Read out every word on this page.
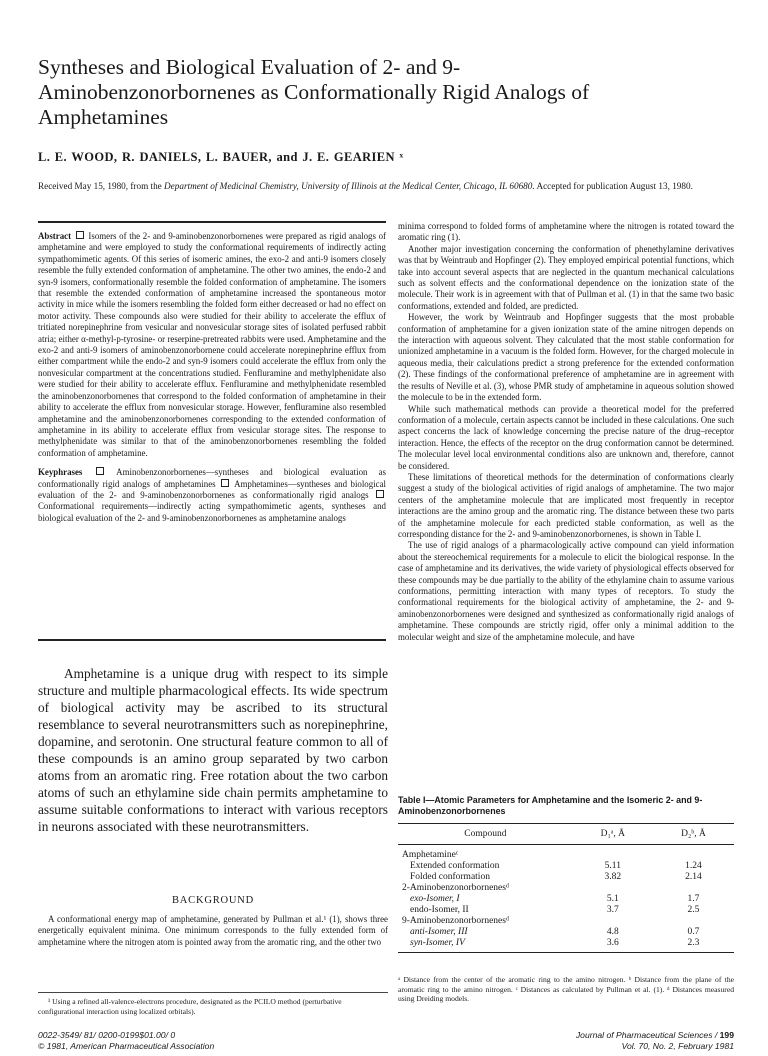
Syntheses and Biological Evaluation of 2- and 9-Aminobenzonorbornenes as Conformationally Rigid Analogs of Amphetamines
L. E. WOOD, R. DANIELS, L. BAUER, and J. E. GEARIEN ˣ
Received May 15, 1980, from the Department of Medicinal Chemistry, University of Illinois at the Medical Center, Chicago, IL 60680. Accepted for publication August 13, 1980.

Abstract Isomers of the 2- and 9-aminobenzonorbornenes were prepared as rigid analogs of amphetamine and were employed to study the conformational requirements of indirectly acting sympathomimetic agents. Of this series of isomeric amines, the exo-2 and anti-9 isomers closely resemble the fully extended conformation of amphetamine. The other two amines, the endo-2 and syn-9 isomers, conformationally resemble the folded conformation of amphetamine. The isomers that resemble the extended conformation of amphetamine increased the spontaneous motor activity in mice while the isomers resembling the folded form either decreased or had no effect on motor activity. These compounds also were studied for their ability to accelerate the efflux of tritiated norepinephrine from vesicular and nonvesicular storage sites of isolated perfused rabbit atria; either α-methyl-p-tyrosine- or reserpine-pretreated rabbits were used. Amphetamine and the exo-2 and anti-9 isomers of aminobenzonorbornene could accelerate norepinephrine efflux from either compartment while the endo-2 and syn-9 isomers could accelerate the efflux from only the nonvesicular compartment at the concentrations studied. Fenfluramine and methylphenidate also were studied for their ability to accelerate efflux. Fenfluramine and methylphenidate resembled the aminobenzonorbornenes that correspond to the folded conformation of amphetamine in their ability to accelerate the efflux from nonvesicular storage. However, fenfluramine also resembled amphetamine and the aminobenzonorbornenes corresponding to the extended conformation of amphetamine in its ability to accelerate efflux from vesicular storage sites. The response to methylphenidate was similar to that of the aminobenzonorbornenes resembling the folded conformation of amphetamine.

Keyphrases	Aminobenzonorbornenes—syntheses and biological evaluation as conformationally rigid analogs of amphetamines Amphetamines—syntheses and biological evaluation of the 2- and 9-aminobenzonorbornenes as conformationally rigid analogs  Conformational requirements—indirectly acting sympathomimetic agents, syntheses and biological evaluation of the 2- and 9-aminobenzonorbornenes as amphetamine analogs

Amphetamine is a unique drug with respect to its simple structure and multiple pharmacological effects. Its wide spectrum of biological activity may be ascribed to its structural resemblance to several neurotransmitters such as norepinephrine, dopamine, and serotonin. One structural feature common to all of these compounds is an amino group separated by two carbon atoms from an aromatic ring. Free rotation about the two carbon atoms of such an ethylamine side chain permits amphetamine to assume suitable conformations to interact with various receptors in neurons associated with these neurotransmitters.

BACKGROUND

A conformational energy map of amphetamine, generated by Pullman et al.¹ (1), shows three energetically equivalent minima. One minimum corresponds to the fully extended form of amphetamine where the nitrogen atom is pointed away from the aromatic ring, and the other two

¹ Using a refined all-valence-electrons procedure, designated as the PCILO method (perturbative configurational interaction using localized orbitals).

minima correspond to folded forms of amphetamine where the nitrogen is rotated toward the aromatic ring (1).

Another major investigation concerning the conformation of phenethylamine derivatives was that by Weintraub and Hopfinger (2). They employed empirical potential functions, which take into account several aspects that are neglected in the quantum mechanical calculations such as solvent effects and the conformational dependence on the ionization state of the molecule. Their work is in agreement with that of Pullman et al. (1) in that the same two basic conformations, extended and folded, are predicted.

However, the work by Weintraub and Hopfinger suggests that the most probable conformation of amphetamine for a given ionization state of the amine nitrogen depends on the interaction with aqueous solvent. They calculated that the most stable conformation for unionized amphetamine in a vacuum is the folded form. However, for the charged molecule in aqueous media, their calculations predict a strong preference for the extended conformation (2). These findings of the conformational preference of amphetamine are in agreement with the results of Neville et al. (3), whose PMR study of amphetamine in aqueous solution showed the molecule to be in the extended form.

While such mathematical methods can provide a theoretical model for the preferred conformation of a molecule, certain aspects cannot be included in these calculations. One such aspect concerns the lack of knowledge concerning the precise nature of the drug–receptor interaction. Hence, the effects of the receptor on the drug conformation cannot be determined. The molecular level local environmental conditions also are unknown and, therefore, cannot be considered.

These limitations of theoretical methods for the determination of conformations clearly suggest a study of the biological activities of rigid analogs of amphetamine. The two major centers of the amphetamine molecule that are implicated most frequently in receptor interactions are the amino group and the aromatic ring. The distance between these two parts of the amphetamine molecule for each predicted stable conformation, as well as the corresponding distance for the 2- and 9-aminobenzonorbornenes, is shown in Table I.

The use of rigid analogs of a pharmacologically active compound can yield information about the stereochemical requirements for a molecule to elicit the biological response. In the case of amphetamine and its derivatives, the wide variety of physiological effects observed for these compounds may be due partially to the ability of the ethylamine chain to assume various conformations, permitting interaction with many types of receptors. To study the conformational requirements for the biological activity of amphetamine, the 2- and 9-aminobenzonorbornenes were designed and synthesized as conformationally rigid analogs of amphetamine. These compounds are strictly rigid, offer only a minimal addition to the molecular weight and size of the amphetamine molecule, and have

Table I—Atomic Parameters for Amphetamine and the Isomeric 2- and 9-Aminobenzonorbornenes
Compound	D₁ᵃ, Å	D₂ᵇ, Å

Amphetamineᶜ		
Extended conformation	5.11	1.24
Folded conformation	3.82	2.14
2-Aminobenzonorbornenesᵈ		
exo-Isomer, I	5.1	1.7
endo-Isomer, II	3.7	2.5
9-Aminobenzonorbornenesᵈ		
anti-Isomer, III	4.8	0.7
syn-Isomer, IV	3.6	2.3
ᵃ Distance from the center of the aromatic ring to the amino nitrogen. ᵇ Distance from the plane of the aromatic ring to the amino nitrogen. ᶜ Distances as calculated by Pullman et al. (1). ᵈ Distances measured using Dreiding models.
0022-3549/ 81/ 0200-0199$01.00/ 0
© 1981, American Pharmaceutical Association
Journal of Pharmaceutical Sciences / 199
Vol. 70, No. 2, February 1981
